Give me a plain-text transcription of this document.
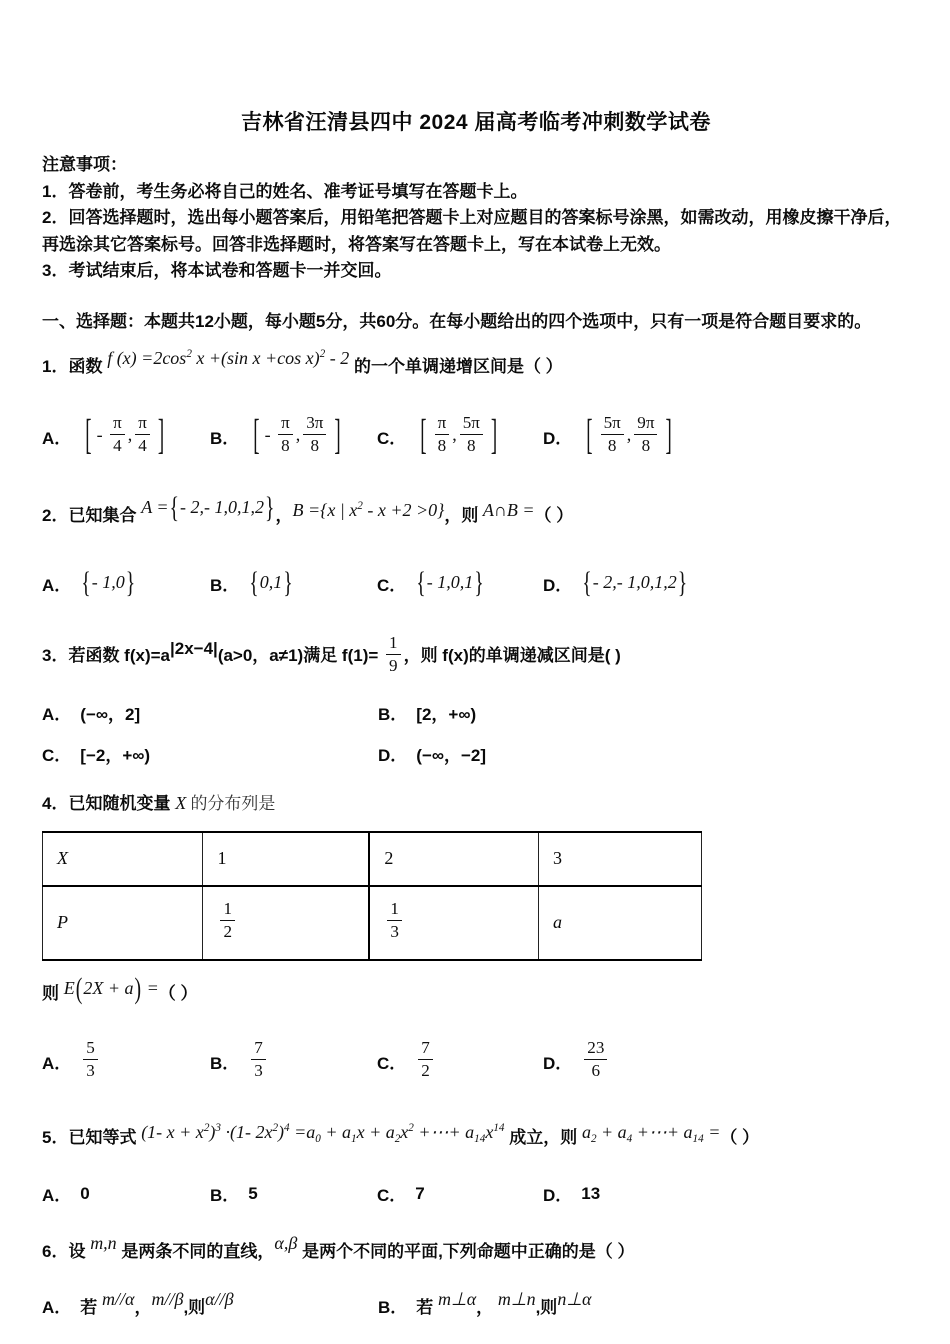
吉林省汪清县四中 2024 届高考临考冲刺数学试卷
注意事项：
1．答卷前，考生务必将自己的姓名、准考证号填写在答题卡上。
2．回答选择题时，选出每小题答案后，用铅笔把答题卡上对应题目的答案标号涂黑，如需改动，用橡皮擦干净后，再选涂其它答案标号。回答非选择题时，将答案写在答题卡上，写在本试卷上无效。
3．考试结束后，将本试卷和答题卡一并交回。
一、选择题：本题共12小题，每小题5分，共60分。在每小题给出的四个选项中，只有一项是符合题目要求的。
1．函数 f $(x) =2\cos^2$ x +(sin x +cos x)$^2$ - 2 的一个单调递增区间是（ ）
A． [ - $\frac{\pi}{4}$ , $\frac{\pi}{4}$ ]	B． [ - $\frac{\pi}{8}$ , $\frac{3\pi}{8}$ ] C． [ $\frac{\pi}{8}$ , $\frac{5\pi}{8}$ ]	D． [ $\frac{5\pi}{8}$ , $\frac{9\pi}{8}$ ]
2．已知集合 A ={- 2,- 1,0,1,2}，B ={x | $x^2 - x +2 >0$}，则 A∩B =（ ）
A． {- 1,0}	B． {0,1}	C． {- 1,0,1}	D． {- 2,- 1,0,1,2}
3．若函数 $f(x)=a^{|2x-4|}(a>0$，a≠1)满足 $f(1)= \frac{1}{9}$ ，则 f(x)的单调递减区间是( )
A． (−∞，2]	B． [2，+∞)
C． [−2，+∞)	D． (−∞，−2]
4．已知随机变量 X 的分布列是
X	1	2	3
P	$\frac{1}{2}$	$\frac{1}{3}$	a
则 E(2X + a) =（ ）
A． $\frac{5}{3}$	B． $\frac{7}{3}$	C． $\frac{7}{2}$	D． $\frac{23}{6}$
5．已知等式 (1- $x + x^2)^3 \cdot(1-$ $2x^2)^4 =a_0 + a_1x + a_2x^2$ +⋯+ $a_{14}x^{14}$ 成立，则 $a_2 + a_4$ +⋯+ $a_{14}$ =（ ）
A． 0	B． 5	C． 7	D． 13
6．设 m,n 是两条不同的直线，α,β 是两个不同的平面,下列命题中正确的是（ ）
A． 若 m//α，m//β,则α//β	B． 若 m⊥α， m⊥n,则n⊥α
